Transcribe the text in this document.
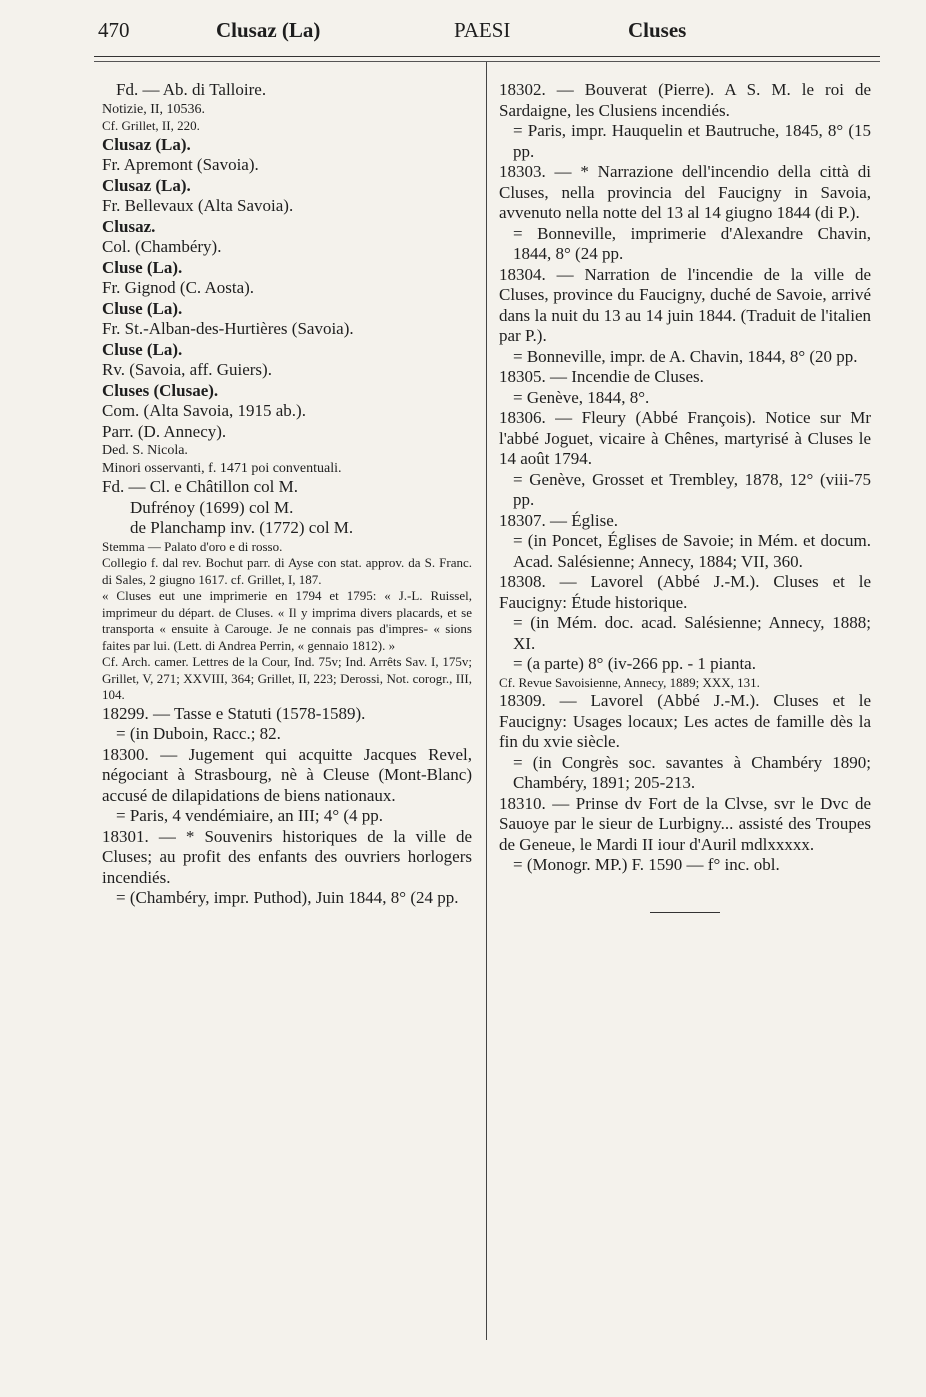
470	Clusaz (La)	PAESI	Cluses

Fd. — Ab. di Talloire.

Notizie, II, 10536.

Cf. Grillet, II, 220.

Clusaz (La).

Fr. Apremont (Savoia).

Clusaz (La).

Fr. Bellevaux (Alta Savoia).

Clusaz.

Col. (Chambéry).

Cluse (La).

Fr. Gignod (C. Aosta).

Cluse (La).

Fr. St.-Alban-des-Hurtières (Savoia).

Cluse (La).

Rv. (Savoia, aff. Guiers).

Cluses (Clusae).

Com. (Alta Savoia, 1915 ab.).

Parr. (D. Annecy).

Ded. S. Nicola.

Minori osservanti, f. 1471 poi conventuali.

Fd. — Cl. e Châtillon col M.

Dufrénoy (1699) col M.

de Planchamp inv. (1772) col M.

Stemma — Palato d'oro e di rosso.

Collegio f. dal rev. Bochut parr. di Ayse con stat. approv. da S. Franc. di Sales, 2 giugno 1617. cf. Grillet, I, 187.

« Cluses eut une imprimerie en 1794 et 1795: « J.-L. Ruissel, imprimeur du départ. de Cluses. « Il y imprima divers placards, et se transporta « ensuite à Carouge. Je ne connais pas d'impres- « sions faites par lui. (Lett. di Andrea Perrin, « gennaio 1812). »

Cf. Arch. camer. Lettres de la Cour, Ind. 75v; Ind. Arrêts Sav. I, 175v; Grillet, V, 271; XXVIII, 364; Grillet, II, 223; Derossi, Not. corogr., III, 104.

18299. — Tasse e Statuti (1578-1589).

= (in Duboin, Racc.; 82.

18300. — Jugement qui acquitte Jacques Revel, négociant à Strasbourg, nè à Cleuse (Mont-Blanc) accusé de dilapidations de biens nationaux.

= Paris, 4 vendémiaire, an III; 4° (4 pp.

18301. — * Souvenirs historiques de la ville de Cluses; au profit des enfants des ouvriers horlogers incendiés.

= (Chambéry, impr. Puthod), Juin 1844, 8° (24 pp.

18302. — Bouverat (Pierre). A S. M. le roi de Sardaigne, les Clusiens incendiés.

= Paris, impr. Hauquelin et Bautruche, 1845, 8° (15 pp.

18303. — * Narrazione dell'incendio della città di Cluses, nella provincia del Faucigny in Savoia, avvenuto nella notte del 13 al 14 giugno 1844 (di P.).

= Bonneville, imprimerie d'Alexandre Chavin, 1844, 8° (24 pp.

18304. — Narration de l'incendie de la ville de Cluses, province du Faucigny, duché de Savoie, arrivé dans la nuit du 13 au 14 juin 1844. (Traduit de l'italien par P.).

= Bonneville, impr. de A. Chavin, 1844, 8° (20 pp.

18305. — Incendie de Cluses.

= Genève, 1844, 8°.

18306. — Fleury (Abbé François). Notice sur Mr l'abbé Joguet, vicaire à Chênes, martyrisé à Cluses le 14 août 1794.

= Genève, Grosset et Trembley, 1878, 12° (viii-75 pp.

18307. — Église.

= (in Poncet, Églises de Savoie; in Mém. et docum. Acad. Salésienne; Annecy, 1884; VII, 360.

18308. — Lavorel (Abbé J.-M.). Cluses et le Faucigny: Étude historique.

= (in Mém. doc. acad. Salésienne; Annecy, 1888; XI.

= (a parte) 8° (iv-266 pp. - 1 pianta.

Cf. Revue Savoisienne, Annecy, 1889; XXX, 131.

18309. — Lavorel (Abbé J.-M.). Cluses et le Faucigny: Usages locaux; Les actes de famille dès la fin du xvie siècle.

= (in Congrès soc. savantes à Chambéry 1890; Chambéry, 1891; 205-213.

18310. — Prinse dv Fort de la Clvse, svr le Dvc de Sauoye par le sieur de Lurbigny... assisté des Troupes de Geneue, le Mardi II iour d'Auril mdlxxxxx.

= (Monogr. MP.) F. 1590 — f° inc. obl.
